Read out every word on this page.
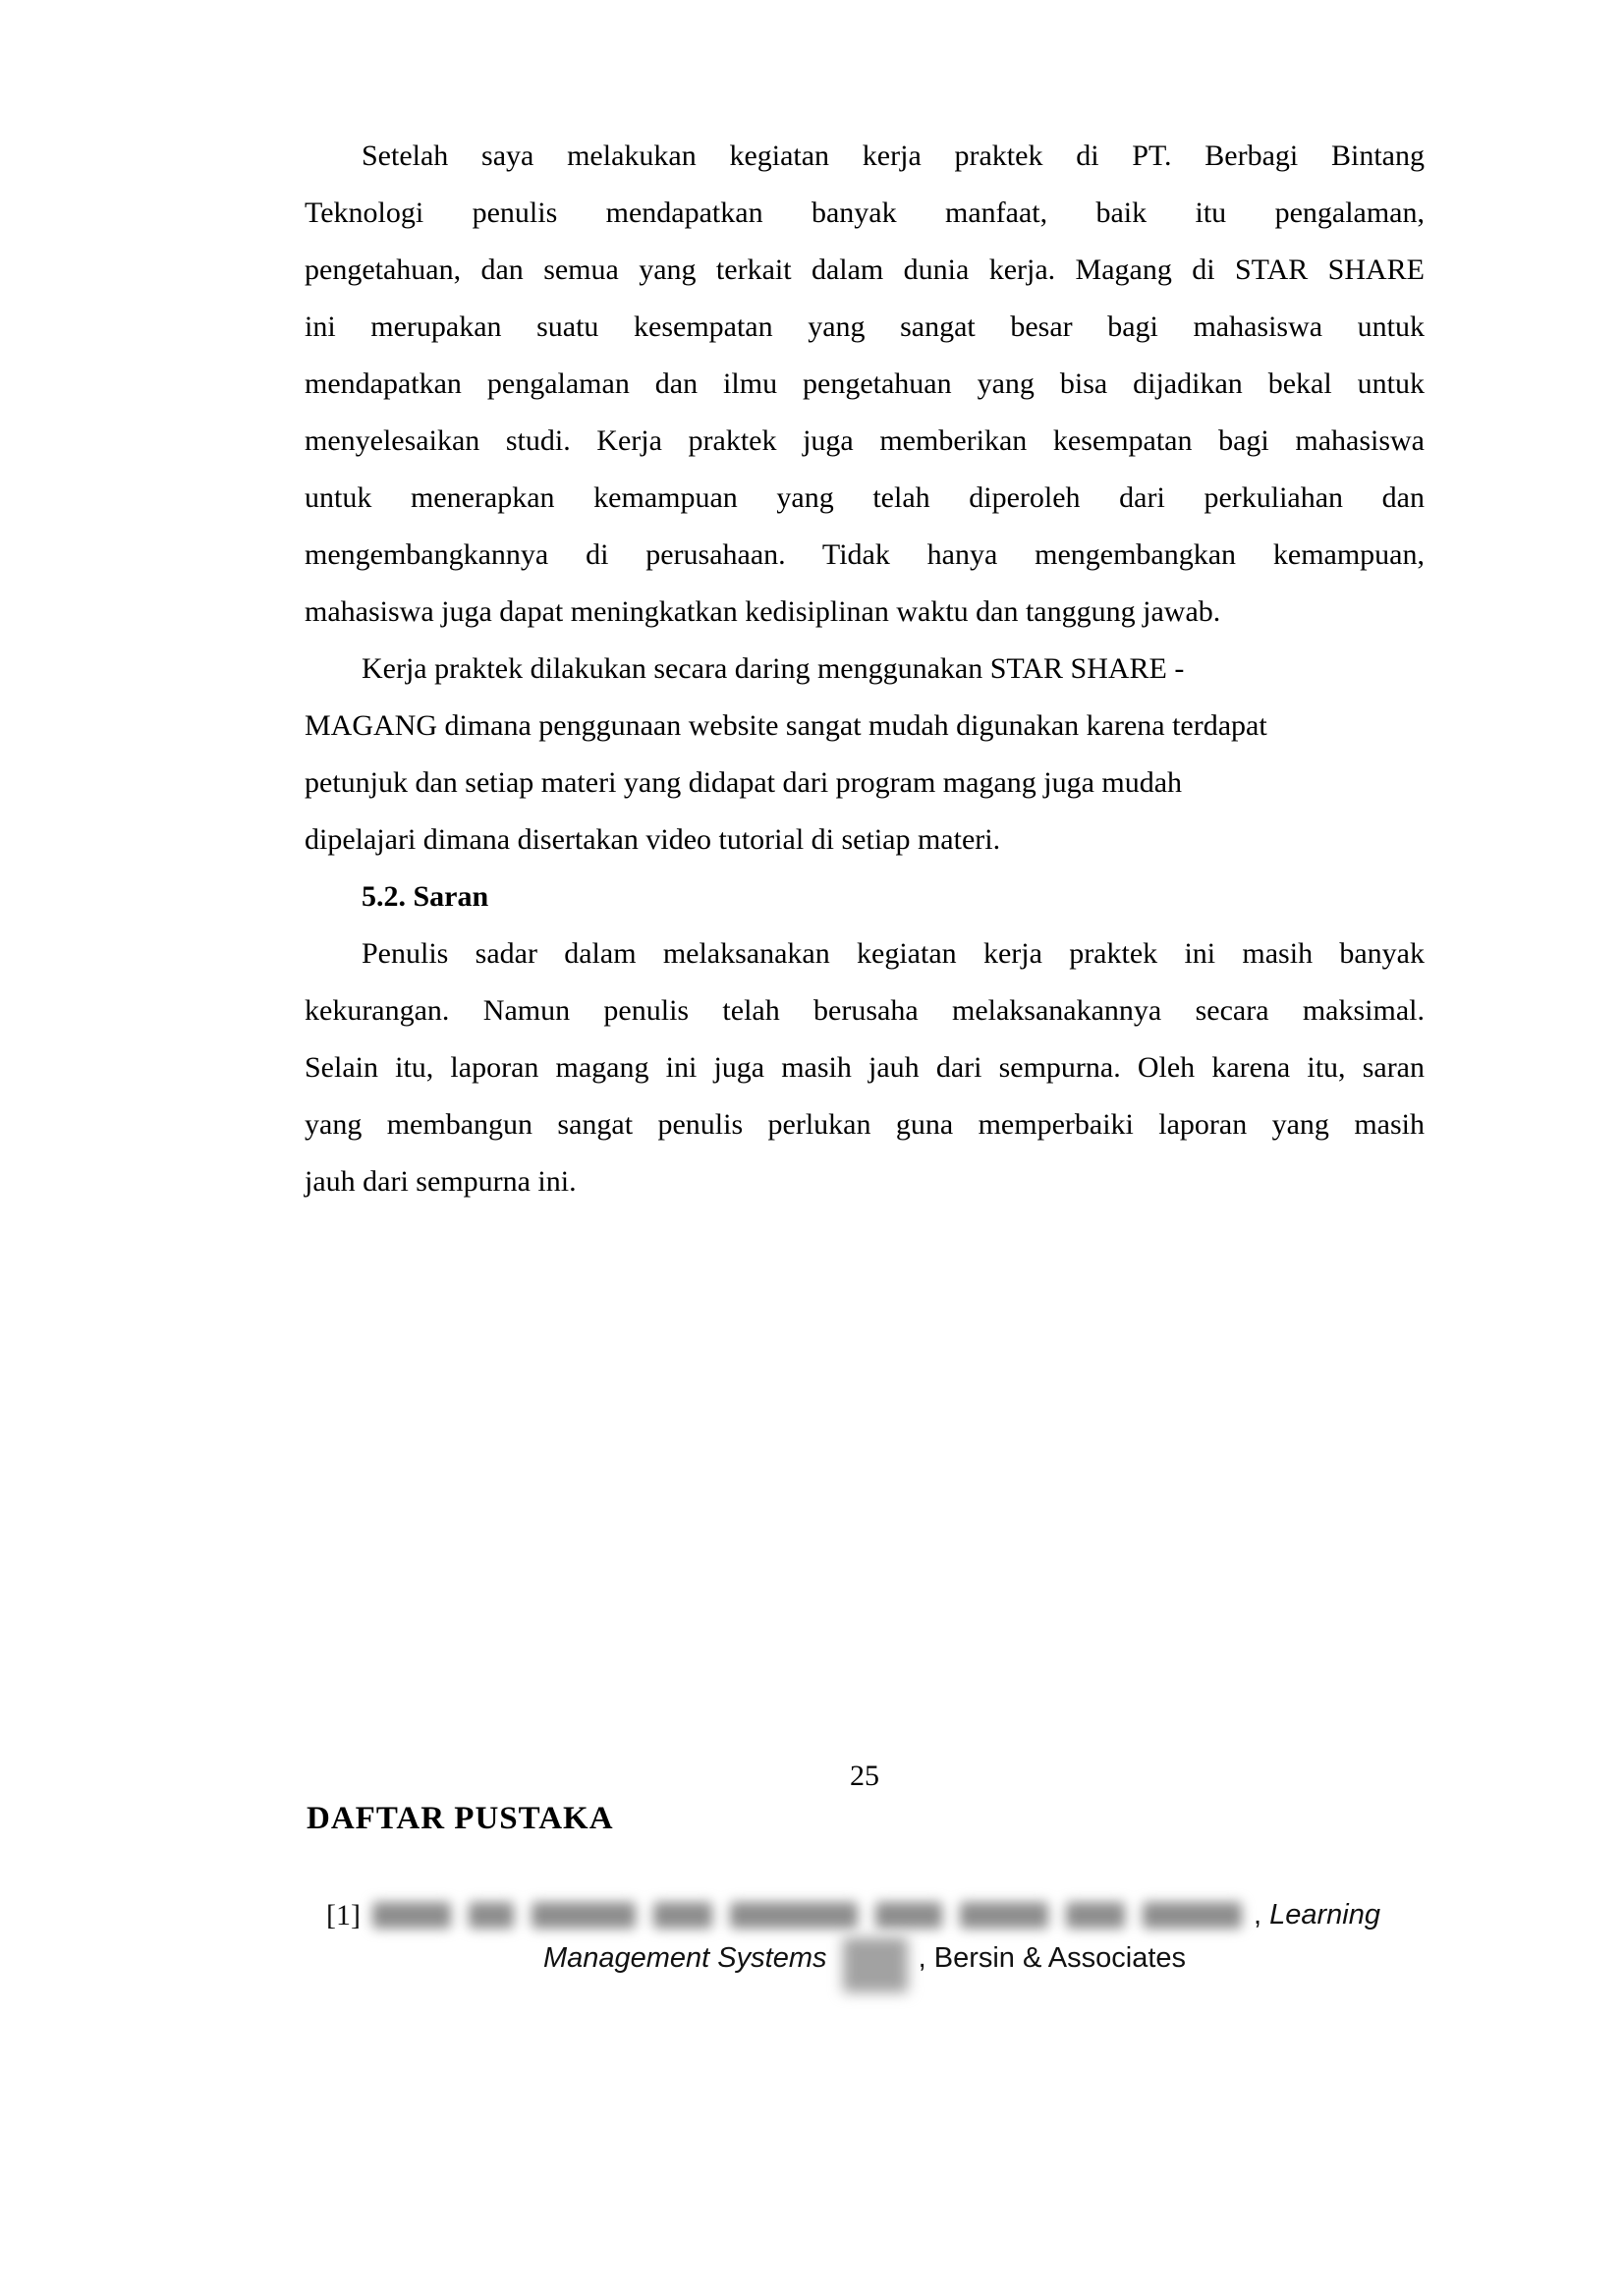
Setelah saya melakukan kegiatan kerja praktek di PT. Berbagi Bintang
Teknologi penulis mendapatkan banyak manfaat, baik itu pengalaman,
pengetahuan, dan semua yang terkait dalam dunia kerja. Magang di STAR SHARE
ini merupakan suatu kesempatan yang sangat besar bagi mahasiswa untuk
mendapatkan pengalaman dan ilmu pengetahuan yang bisa dijadikan bekal untuk
menyelesaikan studi. Kerja praktek juga memberikan kesempatan bagi mahasiswa
untuk menerapkan kemampuan yang telah diperoleh dari perkuliahan dan
mengembangkannya di perusahaan. Tidak hanya mengembangkan kemampuan,
mahasiswa juga dapat meningkatkan kedisiplinan waktu dan tanggung jawab.
Kerja praktek dilakukan secara daring menggunakan STAR SHARE -
MAGANG dimana penggunaan website sangat mudah digunakan karena terdapat
petunjuk dan setiap materi yang didapat dari program magang juga mudah
dipelajari dimana disertakan video tutorial di setiap materi.
5.2. Saran
Penulis sadar dalam melaksanakan kegiatan kerja praktek ini masih banyak
kekurangan. Namun penulis telah berusaha melaksanakannya secara maksimal.
Selain itu, laporan magang ini juga masih jauh dari sempurna. Oleh karena itu, saran
yang membangun sangat penulis perlukan guna memperbaiki laporan yang masih
jauh dari sempurna ini.
25
DAFTAR PUSTAKA
[1]	, Learning
Management Systems	, Bersin & Associates
